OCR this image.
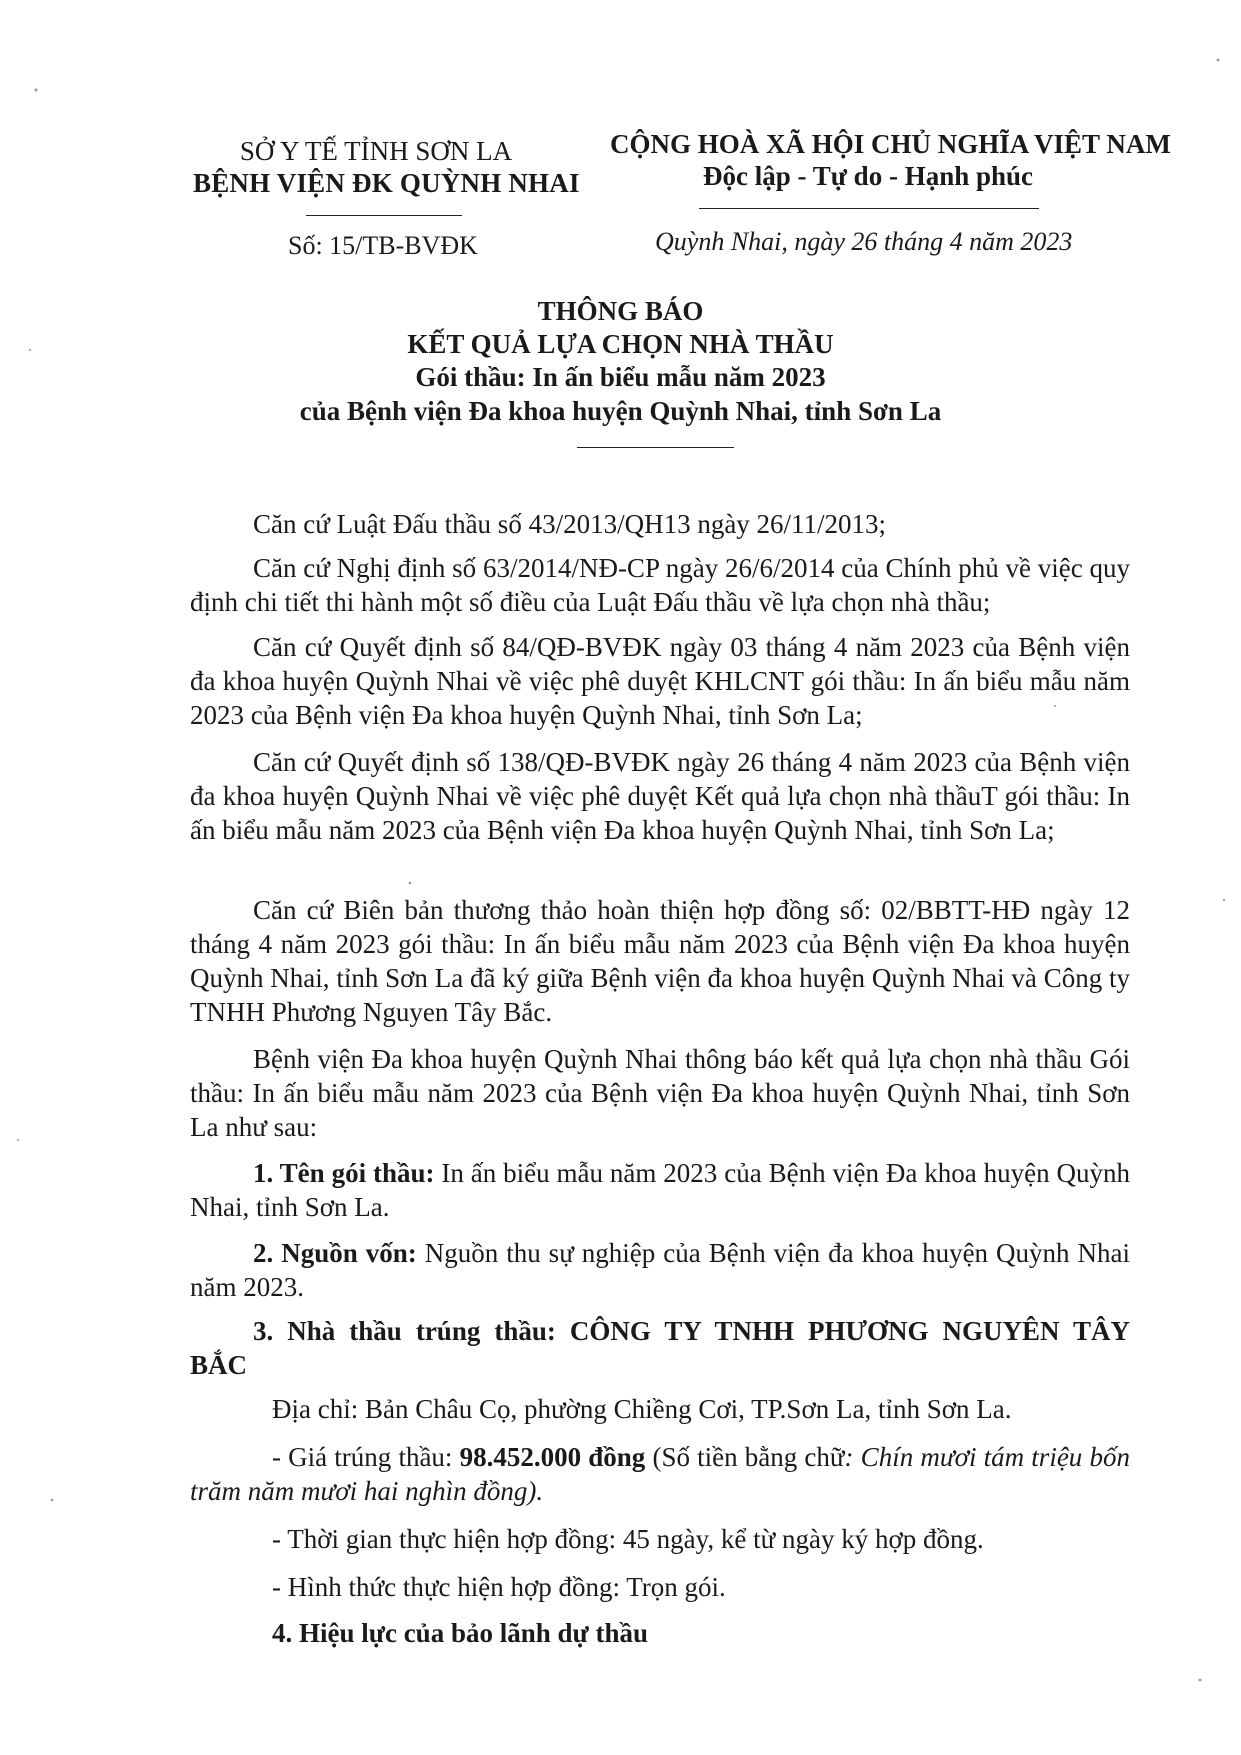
SỞ Y TẾ TỈNH SƠN LA
BỆNH VIỆN ĐK QUỲNH NHAI
Số: 15/TB-BVĐK
CỘNG HOÀ XÃ HỘI CHỦ NGHĨA VIỆT NAM
Độc lập - Tự do - Hạnh phúc
Quỳnh Nhai, ngày 26 tháng 4 năm 2023
THÔNG BÁO
KẾT QUẢ LỰA CHỌN NHÀ THẦU
Gói thầu: In ấn biểu mẫu năm 2023
của Bệnh viện Đa khoa huyện Quỳnh Nhai, tỉnh Sơn La
Căn cứ Luật Đấu thầu số 43/2013/QH13 ngày 26/11/2013;
Căn cứ Nghị định số 63/2014/NĐ-CP ngày 26/6/2014 của Chính phủ về việc quy định chi tiết thi hành một số điều của Luật Đấu thầu về lựa chọn nhà thầu;
Căn cứ Quyết định số 84/QĐ-BVĐK ngày 03 tháng 4 năm 2023 của Bệnh viện đa khoa huyện Quỳnh Nhai về việc phê duyệt KHLCNT gói thầu: In ấn biểu mẫu năm 2023 của Bệnh viện Đa khoa huyện Quỳnh Nhai, tỉnh Sơn La;
Căn cứ Quyết định số 138/QĐ-BVĐK ngày 26 tháng 4 năm 2023 của Bệnh viện đa khoa huyện Quỳnh Nhai về việc phê duyệt Kết quả lựa chọn nhà thầuT gói thầu: In ấn biểu mẫu năm 2023 của Bệnh viện Đa khoa huyện Quỳnh Nhai, tỉnh Sơn La;
Căn cứ Biên bản thương thảo hoàn thiện hợp đồng số: 02/BBTT-HĐ ngày 12 tháng 4 năm 2023 gói thầu: In ấn biểu mẫu năm 2023 của Bệnh viện Đa khoa huyện Quỳnh Nhai, tỉnh Sơn La đã ký giữa Bệnh viện đa khoa huyện Quỳnh Nhai và Công ty TNHH Phương Nguyen Tây Bắc.
Bệnh viện Đa khoa huyện Quỳnh Nhai thông báo kết quả lựa chọn nhà thầu Gói thầu: In ấn biểu mẫu năm 2023 của Bệnh viện Đa khoa huyện Quỳnh Nhai, tỉnh Sơn La như sau:
1. Tên gói thầu: In ấn biểu mẫu năm 2023 của Bệnh viện Đa khoa huyện Quỳnh Nhai, tỉnh Sơn La.
2. Nguồn vốn: Nguồn thu sự nghiệp của Bệnh viện đa khoa huyện Quỳnh Nhai năm 2023.
3. Nhà thầu trúng thầu: CÔNG TY TNHH PHƯƠNG NGUYÊN TÂY BẮC
Địa chỉ: Bản Châu Cọ, phường Chiềng Cơi, TP.Sơn La, tỉnh Sơn La.
- Giá trúng thầu: 98.452.000 đồng (Số tiền bằng chữ: Chín mươi tám triệu bốn trăm năm mươi hai nghìn đồng).
- Thời gian thực hiện hợp đồng: 45 ngày, kể từ ngày ký hợp đồng.
- Hình thức thực hiện hợp đồng: Trọn gói.
4. Hiệu lực của bảo lãnh dự thầu
